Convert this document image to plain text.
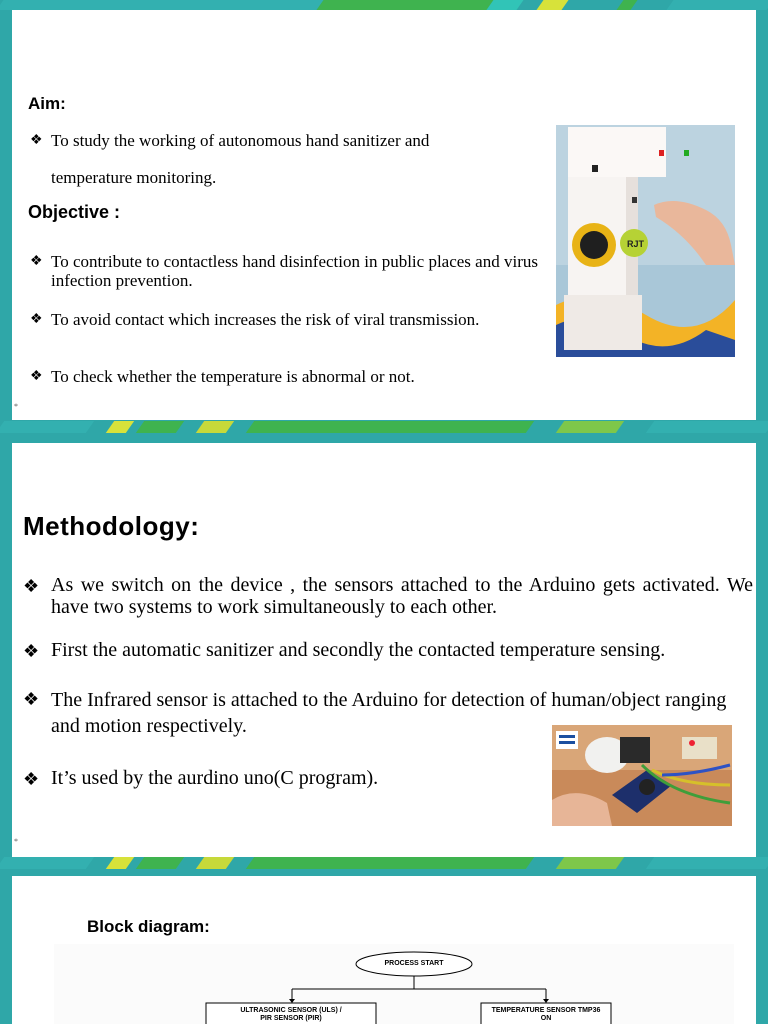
Aim:
❖ To study the working of autonomous hand sanitizer and
temperature monitoring.
Objective :
❖ To contribute to contactless hand disinfection in public places and virus infection prevention.
❖ To avoid contact which increases the risk of viral transmission.
❖ To check whether the temperature is abnormal or not.
*
RJT
Methodology:
❖ As we switch on the device , the sensors attached to the Arduino gets activated. We have two systems to work simultaneously to each other.
❖ First the automatic sanitizer and secondly the contacted temperature sensing.
❖ The Infrared sensor is attached to the Arduino for detection of human/object ranging and motion respectively.
❖ It’s used by the aurdino uno(C program).
*
Block diagram:
PROCESS START
ULTRASONIC SENSOR (ULS) /
PIR SENSOR (PIR)
TEMPERATURE SENSOR TMP36
ON
